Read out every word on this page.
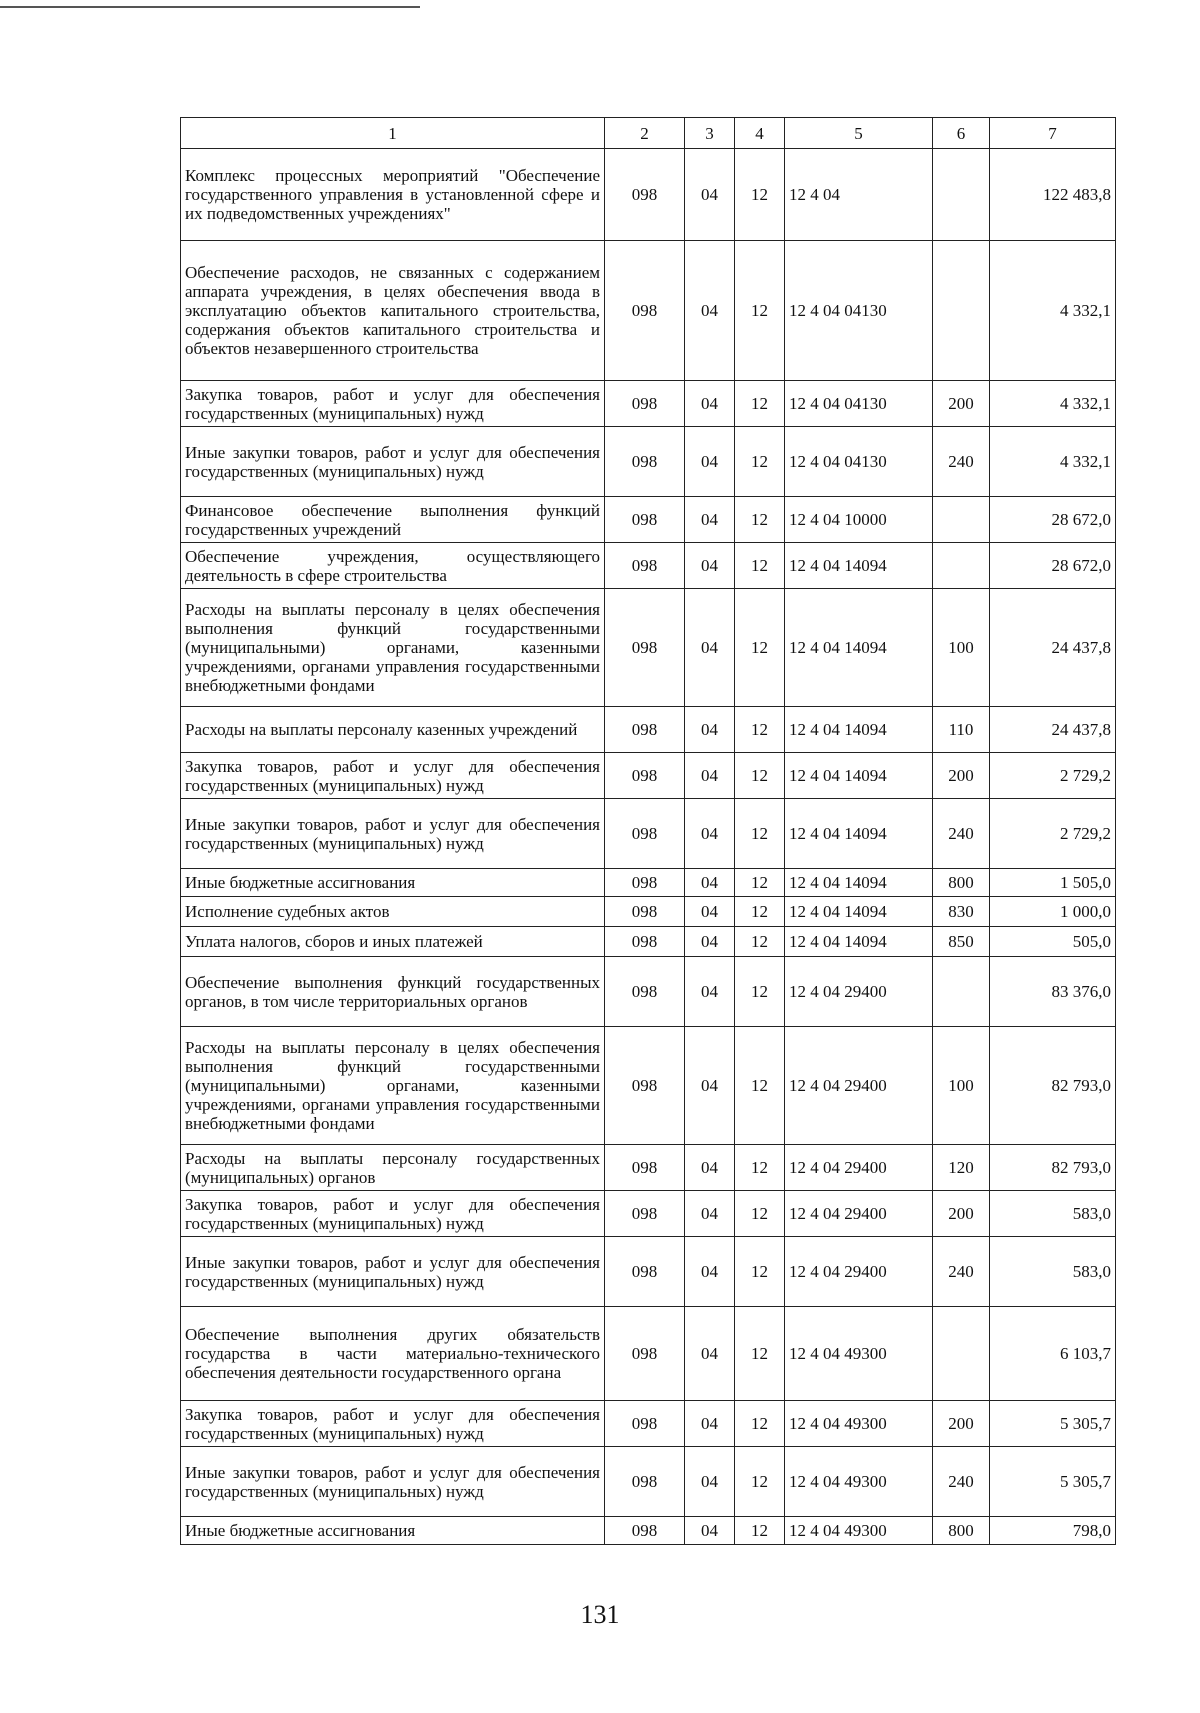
1	2	3	4	5	6	7
Комплекс процессных мероприятий "Обеспечение государственного управления в установленной сфере и их подведомственных учреждениях"	098	04	12	12 4 04		122 483,8
Обеспечение расходов, не связанных с содержанием аппарата учреждения, в целях обеспечения ввода в эксплуатацию объектов капитального строительства, содержания объектов капитального строительства и объектов незавершенного строительства	098	04	12	12 4 04 04130		4 332,1
Закупка товаров, работ и услуг для обеспечения государственных (муниципальных) нужд	098	04	12	12 4 04 04130	200	4 332,1
Иные закупки товаров, работ и услуг для обеспечения государственных (муниципальных) нужд	098	04	12	12 4 04 04130	240	4 332,1
Финансовое обеспечение выполнения функций государственных учреждений	098	04	12	12 4 04 10000		28 672,0
Обеспечение учреждения, осуществляющего деятельность в сфере строительства	098	04	12	12 4 04 14094		28 672,0
Расходы на выплаты персоналу в целях обеспечения выполнения функций государственными (муниципальными) органами, казенными учреждениями, органами управления государственными внебюджетными фондами	098	04	12	12 4 04 14094	100	24 437,8
Расходы на выплаты персоналу казенных учреждений	098	04	12	12 4 04 14094	110	24 437,8
Закупка товаров, работ и услуг для обеспечения государственных (муниципальных) нужд	098	04	12	12 4 04 14094	200	2 729,2
Иные закупки товаров, работ и услуг для обеспечения государственных (муниципальных) нужд	098	04	12	12 4 04 14094	240	2 729,2
Иные бюджетные ассигнования	098	04	12	12 4 04 14094	800	1 505,0
Исполнение судебных актов	098	04	12	12 4 04 14094	830	1 000,0
Уплата налогов, сборов и иных платежей	098	04	12	12 4 04 14094	850	505,0
Обеспечение выполнения функций государственных органов, в том числе территориальных органов	098	04	12	12 4 04 29400		83 376,0
Расходы на выплаты персоналу в целях обеспечения выполнения функций государственными (муниципальными) органами, казенными учреждениями, органами управления государственными внебюджетными фондами	098	04	12	12 4 04 29400	100	82 793,0
Расходы на выплаты персоналу государственных (муниципальных) органов	098	04	12	12 4 04 29400	120	82 793,0
Закупка товаров, работ и услуг для обеспечения государственных (муниципальных) нужд	098	04	12	12 4 04 29400	200	583,0
Иные закупки товаров, работ и услуг для обеспечения государственных (муниципальных) нужд	098	04	12	12 4 04 29400	240	583,0
Обеспечение выполнения других обязательств государства в части материально-технического обеспечения деятельности государственного органа	098	04	12	12 4 04 49300		6 103,7
Закупка товаров, работ и услуг для обеспечения государственных (муниципальных) нужд	098	04	12	12 4 04 49300	200	5 305,7
Иные закупки товаров, работ и услуг для обеспечения государственных (муниципальных) нужд	098	04	12	12 4 04 49300	240	5 305,7
Иные бюджетные ассигнования	098	04	12	12 4 04 49300	800	798,0
131
